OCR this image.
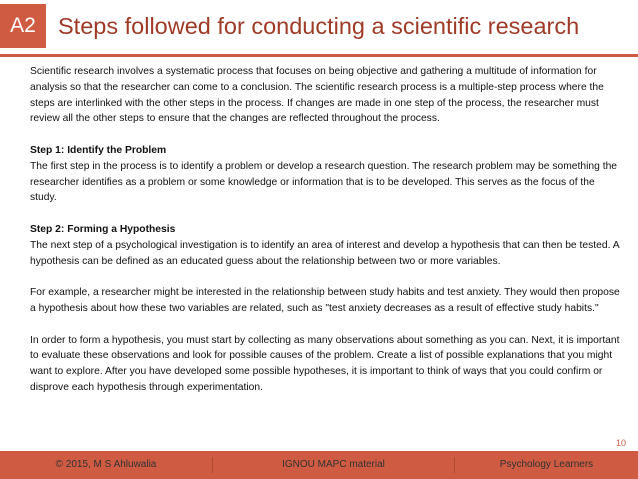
A2 Steps followed for conducting a scientific research

Scientific research involves a systematic process that focuses on being objective and gathering a multitude of information for analysis so that the researcher can come to a conclusion. The scientific research process is a multiple-step process where the steps are interlinked with the other steps in the process. If changes are made in one step of the process, the researcher must review all the other steps to ensure that the changes are reflected throughout the process.

Step 1: Identify the Problem
The first step in the process is to identify a problem or develop a research question. The research problem may be something the researcher identifies as a problem or some knowledge or information that is to be developed. This serves as the focus of the study.

Step 2: Forming a Hypothesis
The next step of a psychological investigation is to identify an area of interest and develop a hypothesis that can then be tested. A hypothesis can be defined as an educated guess about the relationship between two or more variables.

For example, a researcher might be interested in the relationship between study habits and test anxiety. They would then propose a hypothesis about how these two variables are related, such as "test anxiety decreases as a result of effective study habits."

In order to form a hypothesis, you must start by collecting as many observations about something as you can. Next, it is important to evaluate these observations and look for possible causes of the problem. Create a list of possible explanations that you might want to explore. After you have developed some possible hypotheses, it is important to think of ways that you could confirm or disprove each hypothesis through experimentation.

10
© 2015, M S Ahluwalia	IGNOU MAPC material	Psychology Learners
